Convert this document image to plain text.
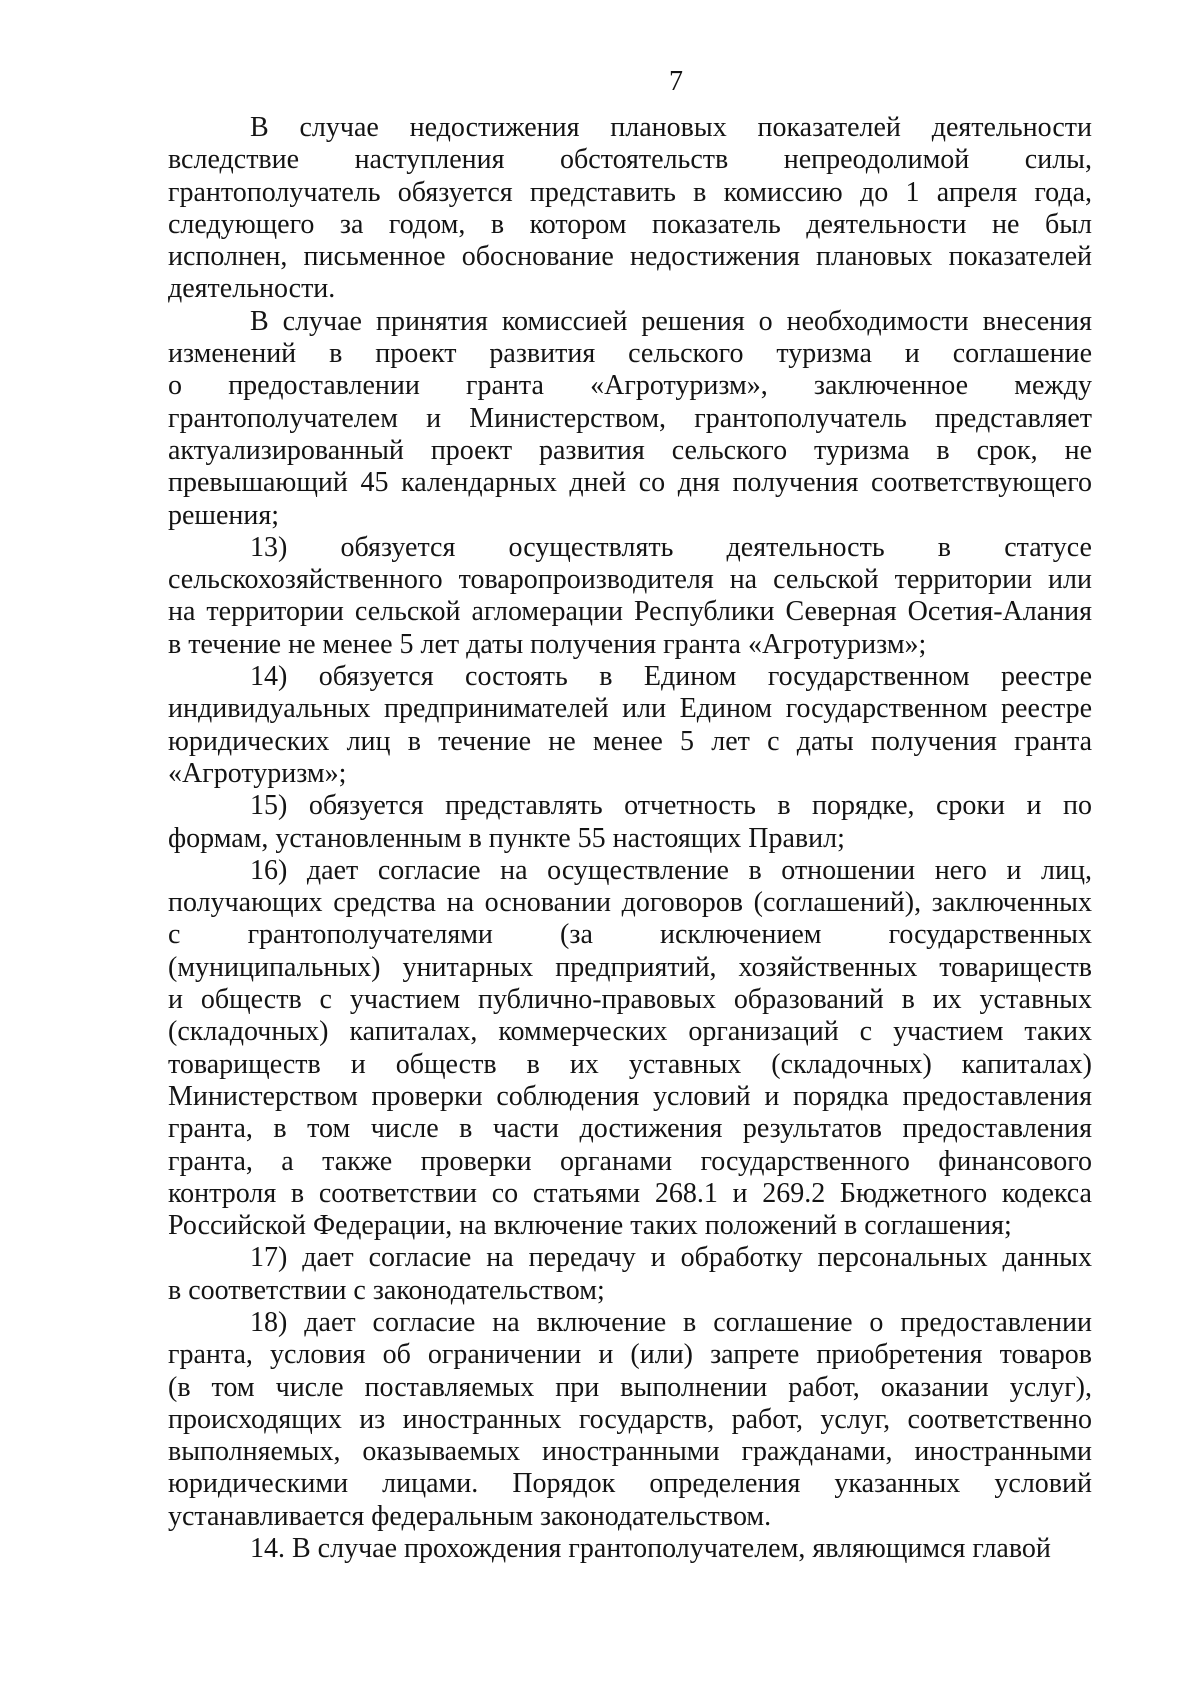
7
В случае недостижения плановых показателей деятельности
вследствие наступления обстоятельств непреодолимой силы,
грантополучатель обязуется представить в комиссию до 1 апреля года,
следующего за годом, в котором показатель деятельности не был
исполнен, письменное обоснование недостижения плановых показателей
деятельности.
В случае принятия комиссией решения о необходимости внесения
изменений в проект развития сельского туризма и соглашение
о предоставлении гранта «Агротуризм», заключенное между
грантополучателем и Министерством, грантополучатель представляет
актуализированный проект развития сельского туризма в срок, не
превышающий 45 календарных дней со дня получения соответствующего
решения;
13) обязуется осуществлять деятельность в статусе
сельскохозяйственного товаропроизводителя на сельской территории или
на территории сельской агломерации Республики Северная Осетия-Алания
в течение не менее 5 лет даты получения гранта «Агротуризм»;
14) обязуется состоять в Едином государственном реестре
индивидуальных предпринимателей или Едином государственном реестре
юридических лиц в течение не менее 5 лет с даты получения гранта
«Агротуризм»;
15) обязуется представлять отчетность в порядке, сроки и по
формам, установленным в пункте 55 настоящих Правил;
16) дает согласие на осуществление в отношении него и лиц,
получающих средства на основании договоров (соглашений), заключенных
с грантополучателями (за исключением государственных
(муниципальных) унитарных предприятий, хозяйственных товариществ
и обществ с участием публично-правовых образований в их уставных
(складочных) капиталах, коммерческих организаций с участием таких
товариществ и обществ в их уставных (складочных) капиталах)
Министерством проверки соблюдения условий и порядка предоставления
гранта, в том числе в части достижения результатов предоставления
гранта, а также проверки органами государственного финансового
контроля в соответствии со статьями 268.1 и 269.2 Бюджетного кодекса
Российской Федерации, на включение таких положений в соглашения;
17) дает согласие на передачу и обработку персональных данных
в соответствии с законодательством;
18) дает согласие на включение в соглашение о предоставлении
гранта, условия об ограничении и (или) запрете приобретения товаров
(в том числе поставляемых при выполнении работ, оказании услуг),
происходящих из иностранных государств, работ, услуг, соответственно
выполняемых, оказываемых иностранными гражданами, иностранными
юридическими лицами. Порядок определения указанных условий
устанавливается федеральным законодательством.
14. В случае прохождения грантополучателем, являющимся главой
